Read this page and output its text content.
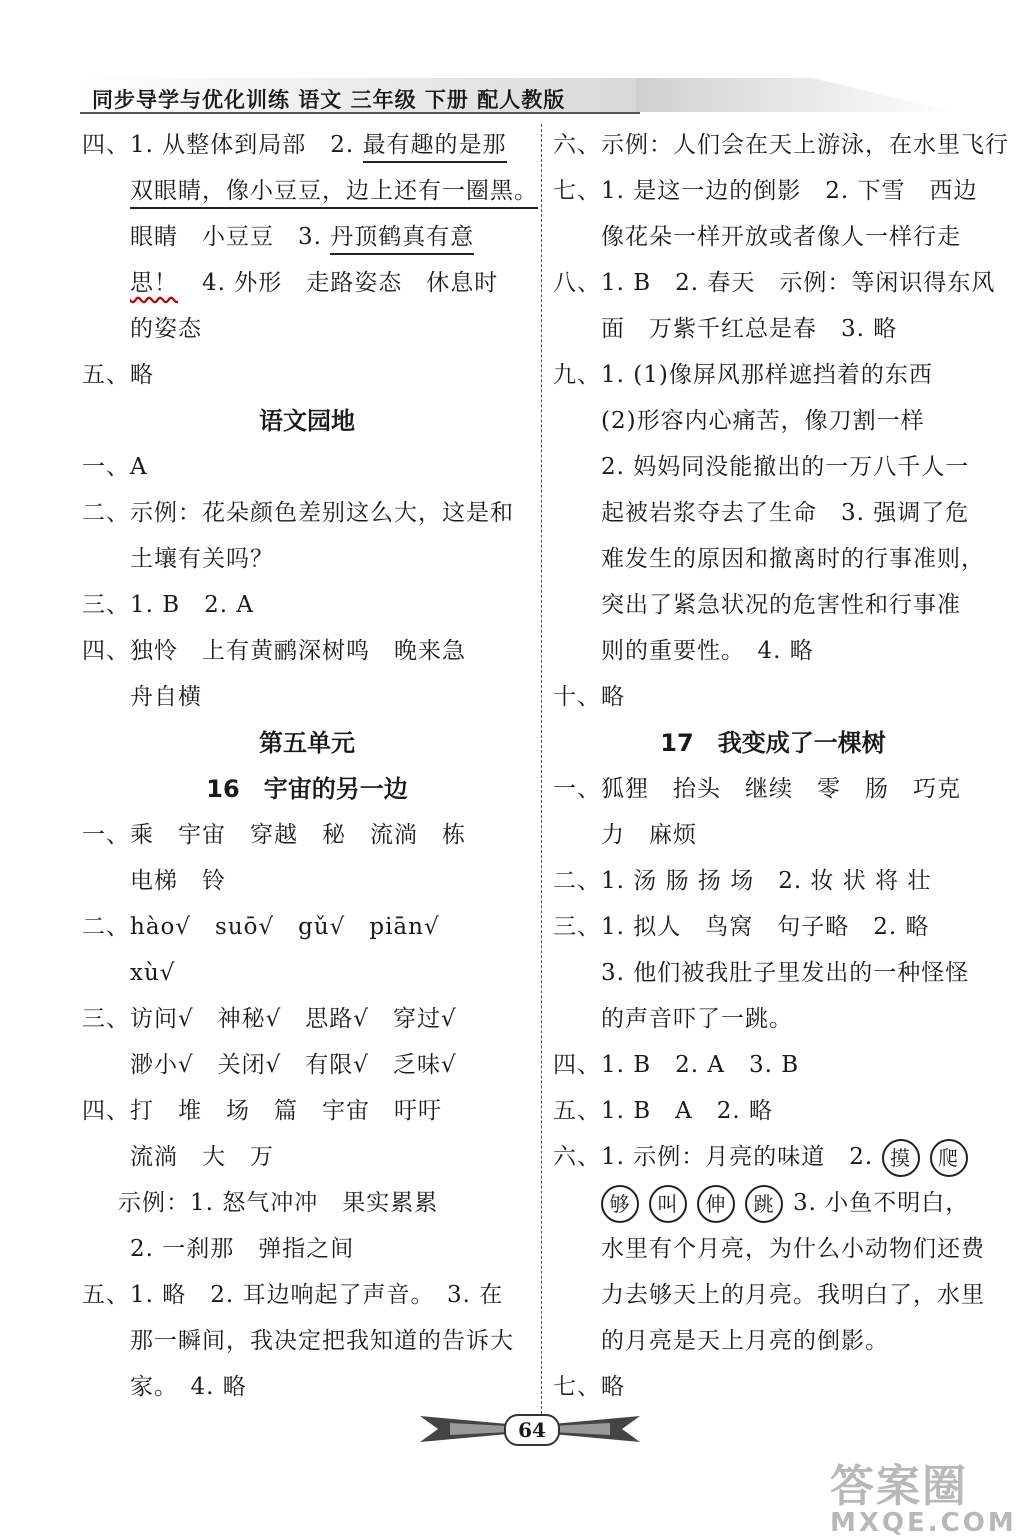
同步导学与优化训练 语文 三年级 下册 配人教版
四、1. 从整体到局部　2. 最有趣的是那
双眼睛，像小豆豆，边上还有一圈黑。
眼睛　小豆豆　3. 丹顶鹤真有意
思！　4. 外形　走路姿态　休息时
的姿态
五、略
语文园地
一、A
二、示例：花朵颜色差别这么大，这是和
土壤有关吗？
三、1. B　2. A
四、独怜　上有黄鹂深树鸣　晚来急
舟自横
第五单元
16　宇宙的另一边
一、乘　宇宙　穿越　秘　流淌　栋
电梯　铃
二、hào√　suō√　gǔ√　piān√
xù√
三、访问√　神秘√　思路√　穿过√
渺小√　关闭√　有限√　乏味√
四、打　堆　场　篇　宇宙　吁吁
流淌　大　万
示例：1. 怒气冲冲　果实累累
2. 一刹那　弹指之间
五、1. 略　2. 耳边响起了声音。　3. 在
那一瞬间，我决定把我知道的告诉大
家。　4. 略
六、示例：人们会在天上游泳，在水里飞行
七、1. 是这一边的倒影　2. 下雪　西边
像花朵一样开放或者像人一样行走
八、1. B　2. 春天　示例：等闲识得东风
面　万紫千红总是春　3. 略
九、1. (1)像屏风那样遮挡着的东西
(2)形容内心痛苦，像刀割一样
2. 妈妈同没能撤出的一万八千人一
起被岩浆夺去了生命　3. 强调了危
难发生的原因和撤离时的行事准则，
突出了紧急状况的危害性和行事准
则的重要性。　4. 略
十、略
17　我变成了一棵树
一、狐狸　抬头　继续　零　肠　巧克
力　麻烦
二、1. 汤 肠 扬 场　2. 妆 状 将 壮
三、1. 拟人　鸟窝　句子略　2. 略
3. 他们被我肚子里发出的一种怪怪
的声音吓了一跳。
四、1. B　2. A　3. B
五、1. B　A　2. 略
六、1. 示例：月亮的味道　2. 摸 爬
够 叫 伸 跳 3. 小鱼不明白，
水里有个月亮，为什么小动物们还费
力去够天上的月亮。我明白了，水里
的月亮是天上月亮的倒影。
七、略
64
答案圈
MXQE.COM
